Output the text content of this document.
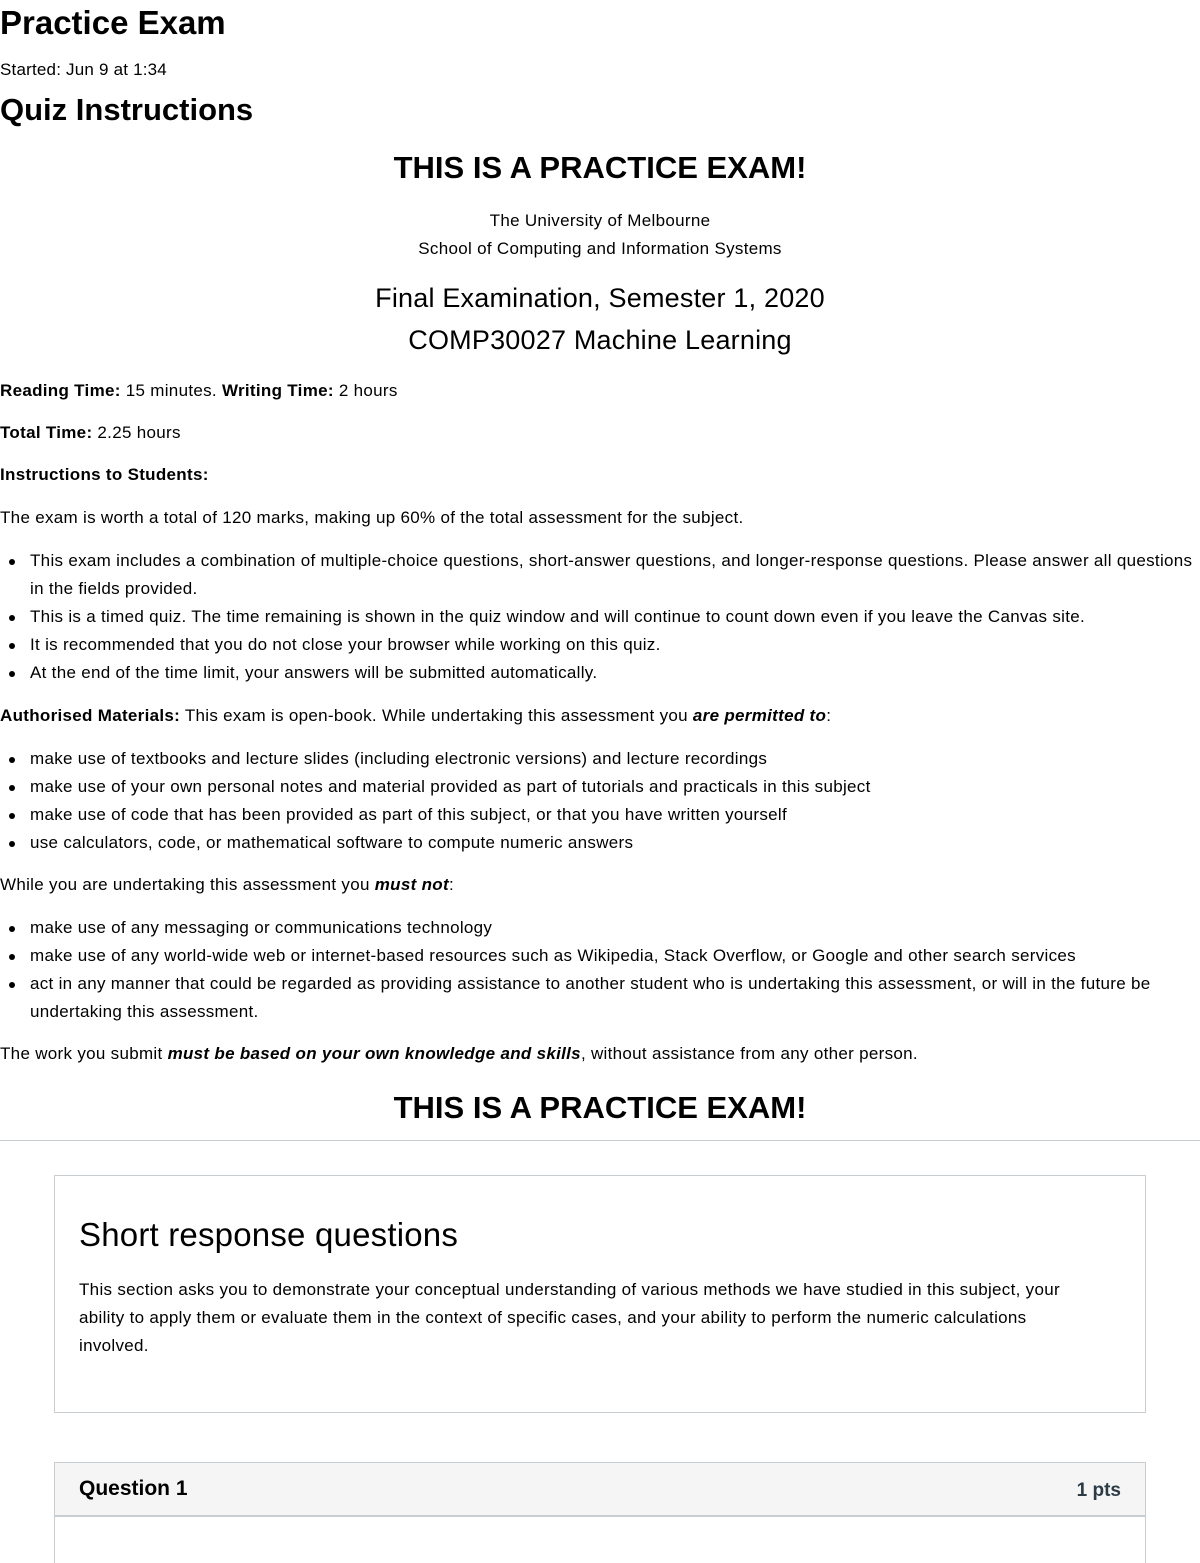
Practice Exam
Started: Jun 9 at 1:34
Quiz Instructions
THIS IS A PRACTICE EXAM!
The University of Melbourne
School of Computing and Information Systems
Final Examination, Semester 1, 2020
COMP30027 Machine Learning
Reading Time: 15 minutes. Writing Time: 2 hours
Total Time: 2.25 hours
Instructions to Students:
The exam is worth a total of 120 marks, making up 60% of the total assessment for the subject.
This exam includes a combination of multiple-choice questions, short-answer questions, and longer-response questions. Please answer all questions in the fields provided.
This is a timed quiz. The time remaining is shown in the quiz window and will continue to count down even if you leave the Canvas site.
It is recommended that you do not close your browser while working on this quiz.
At the end of the time limit, your answers will be submitted automatically.
Authorised Materials: This exam is open-book. While undertaking this assessment you are permitted to:
make use of textbooks and lecture slides (including electronic versions) and lecture recordings
make use of your own personal notes and material provided as part of tutorials and practicals in this subject
make use of code that has been provided as part of this subject, or that you have written yourself
use calculators, code, or mathematical software to compute numeric answers
While you are undertaking this assessment you must not:
make use of any messaging or communications technology
make use of any world-wide web or internet-based resources such as Wikipedia, Stack Overflow, or Google and other search services
act in any manner that could be regarded as providing assistance to another student who is undertaking this assessment, or will in the future be undertaking this assessment.
The work you submit must be based on your own knowledge and skills, without assistance from any other person.
THIS IS A PRACTICE EXAM!
Short response questions
This section asks you to demonstrate your conceptual understanding of various methods we have studied in this subject, your ability to apply them or evaluate them in the context of specific cases, and your ability to perform the numeric calculations involved.
Question 1	1 pts
